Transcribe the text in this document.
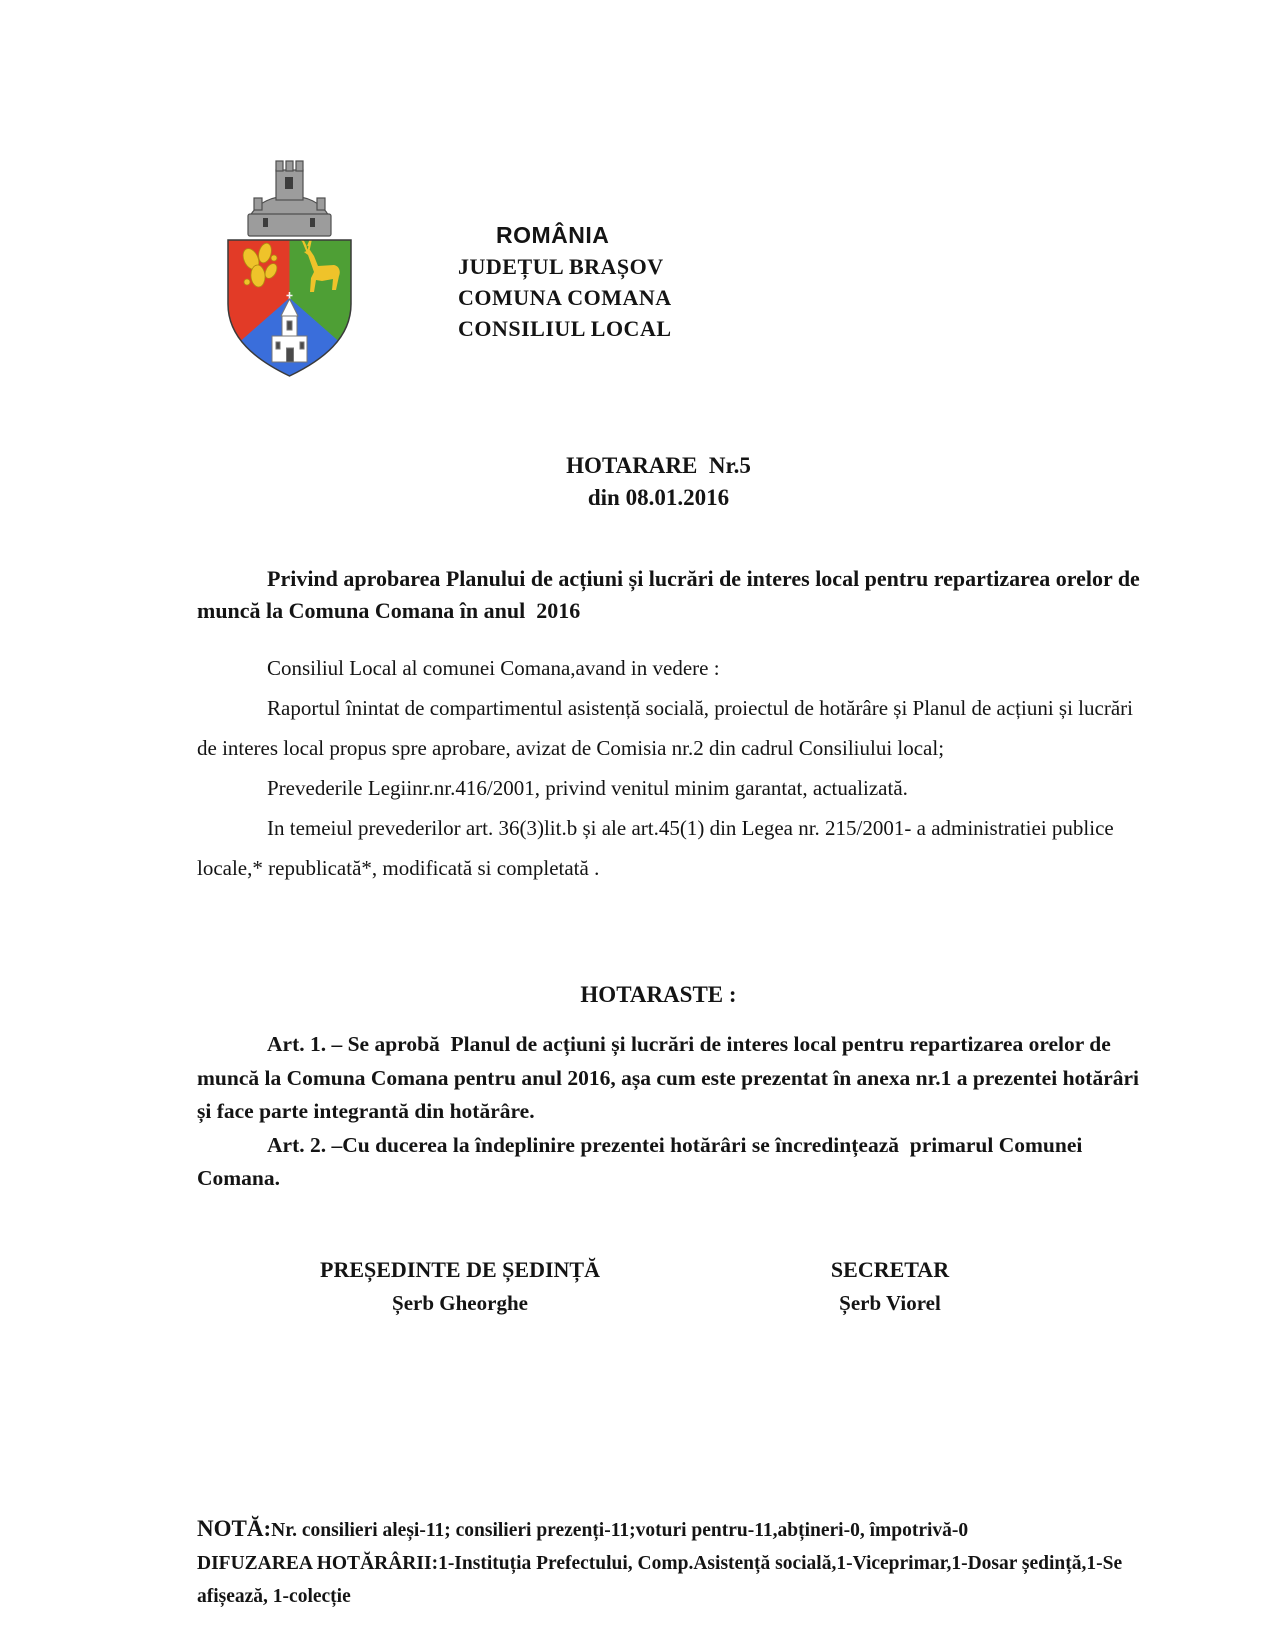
ROMÂNIA
JUDEȚUL BRAȘOV
COMUNA COMANA
CONSILIUL LOCAL
HOTARARE  Nr.5
din 08.01.2016

Privind aprobarea Planului de acțiuni și lucrări de interes local pentru repartizarea orelor de muncă la Comuna Comana în anul  2016

Consiliul Local al comunei Comana,avand in vedere :

Raportul înintat de compartimentul asistență socială, proiectul de hotărâre și Planul de acțiuni și lucrări de interes local propus spre aprobare, avizat de Comisia nr.2 din cadrul Consiliului local;

Prevederile Legiinr.nr.416/2001, privind venitul minim garantat, actualizată.

In temeiul prevederilor art. 36(3)lit.b și ale art.45(1) din Legea nr. 215/2001- a administratiei publice locale,* republicată*, modificată si completată .

HOTARASTE :

Art. 1. – Se aprobă  Planul de acțiuni și lucrări de interes local pentru repartizarea orelor de muncă la Comuna Comana pentru anul 2016, așa cum este prezentat în anexa nr.1 a prezentei hotărâri și face parte integrantă din hotărâre.

Art. 2. –Cu ducerea la îndeplinire prezentei hotărâri se încredințează  primarul Comunei Comana.

PREȘEDINTE DE ȘEDINȚĂ
Șerb Gheorghe
SECRETAR
Șerb Viorel

NOTĂ:Nr. consilieri aleși-11; consilieri prezenți-11;voturi pentru-11,abțineri-0, împotrivă-0

DIFUZAREA HOTĂRÂRII:1-Instituția Prefectului, Comp.Asistență socială,1-Viceprimar,1-Dosar ședință,1-Se afișează, 1-colecție
